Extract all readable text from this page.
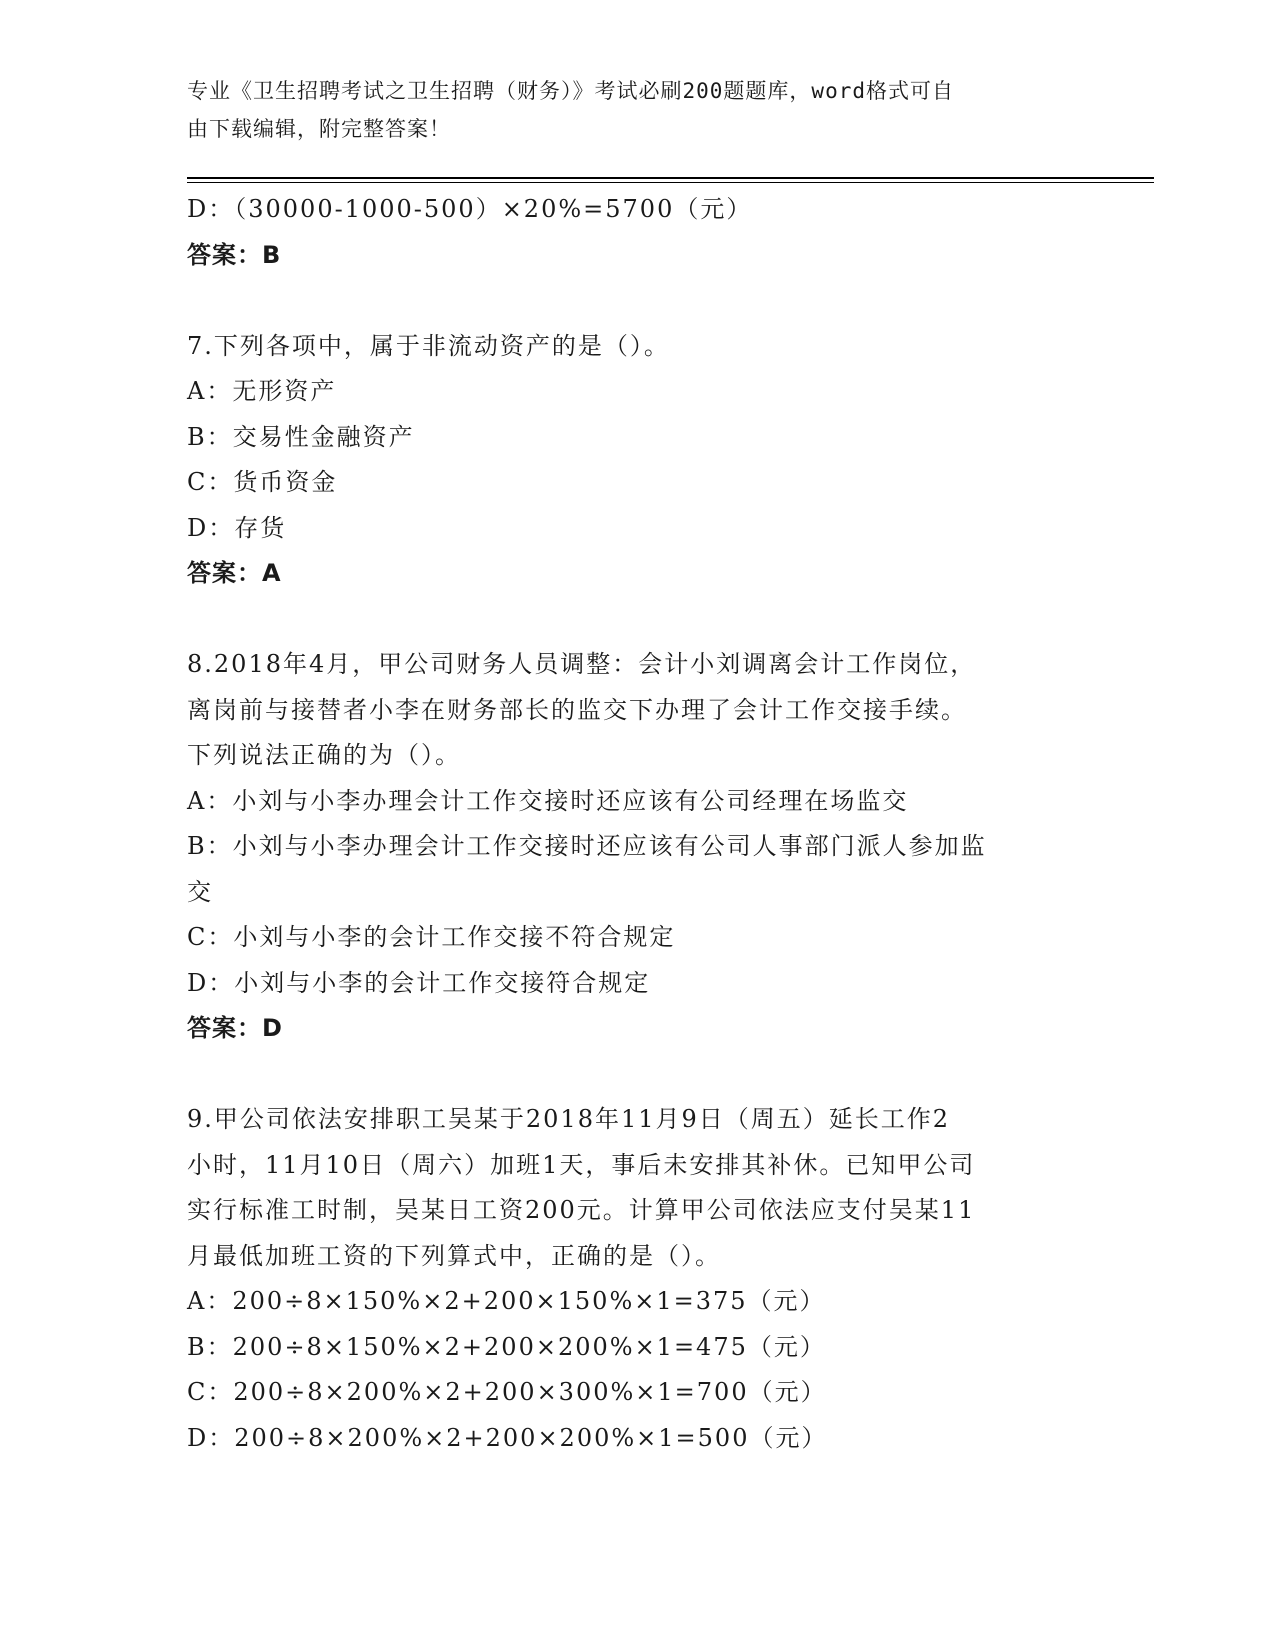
专业《卫生招聘考试之卫生招聘（财务）》考试必刷200题题库，word格式可自
由下载编辑，附完整答案！
D：（30000-1000-500）×20%=5700（元）
答案：B
7.下列各项中，属于非流动资产的是（）。
A：无形资产
B：交易性金融资产
C：货币资金
D：存货
答案：A
8.2018年4月，甲公司财务人员调整：会计小刘调离会计工作岗位，
离岗前与接替者小李在财务部长的监交下办理了会计工作交接手续。
下列说法正确的为（）。
A：小刘与小李办理会计工作交接时还应该有公司经理在场监交
B：小刘与小李办理会计工作交接时还应该有公司人事部门派人参加监
交
C：小刘与小李的会计工作交接不符合规定
D：小刘与小李的会计工作交接符合规定
答案：D
9.甲公司依法安排职工吴某于2018年11月9日（周五）延长工作2
小时，11月10日（周六）加班1天，事后未安排其补休。已知甲公司
实行标准工时制，吴某日工资200元。计算甲公司依法应支付吴某11
月最低加班工资的下列算式中，正确的是（）。
A：200÷8×150%×2+200×150%×1=375（元）
B：200÷8×150%×2+200×200%×1=475（元）
C：200÷8×200%×2+200×300%×1=700（元）
D：200÷8×200%×2+200×200%×1=500（元）
